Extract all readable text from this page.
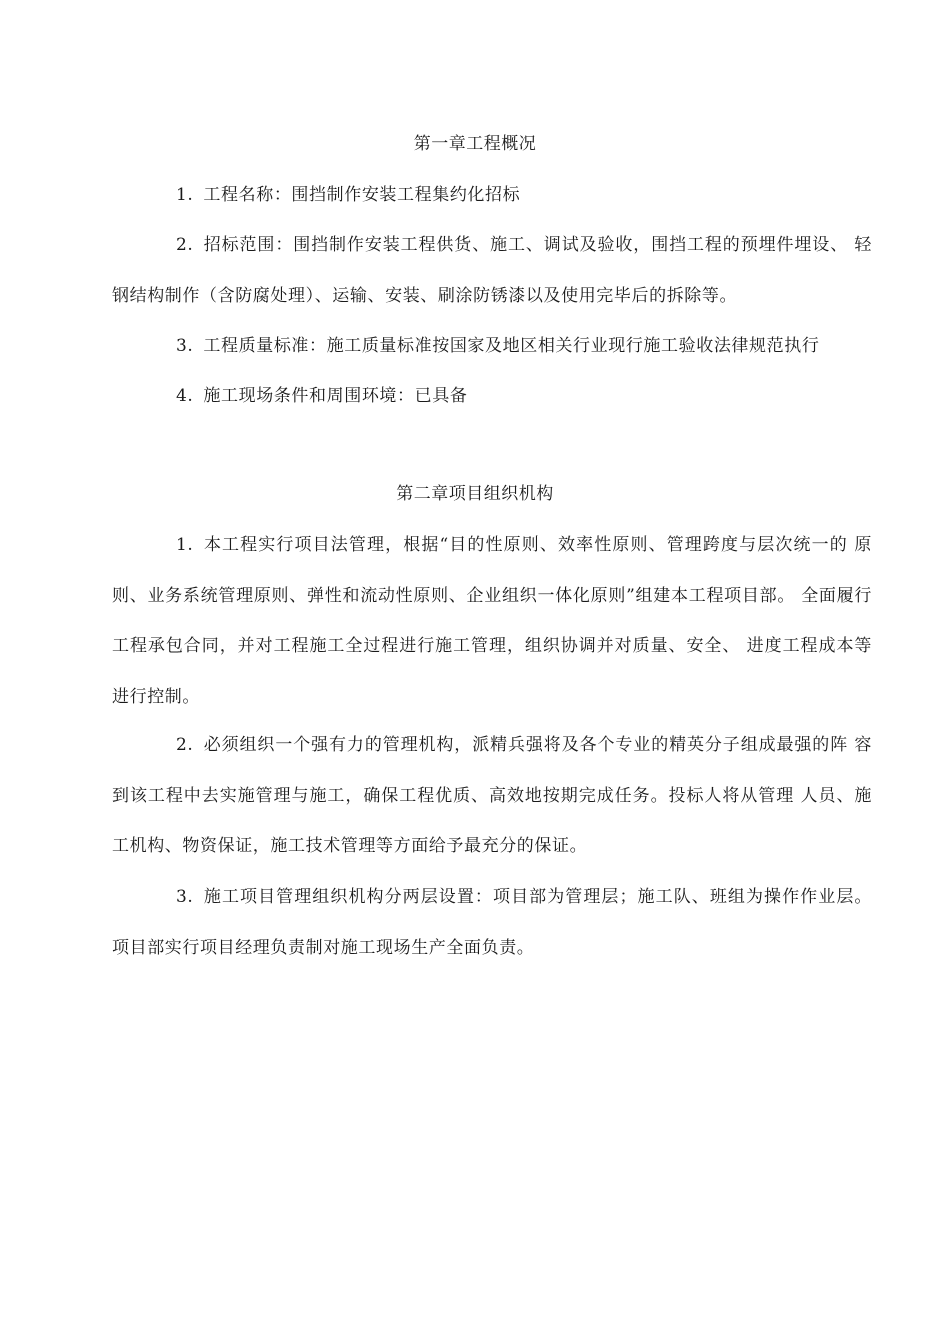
第一章工程概况

1. 工程名称：围挡制作安装工程集约化招标

2. 招标范围：围挡制作安装工程供货、施工、调试及验收，围挡工程的预埋件埋设、 轻钢结构制作（含防腐处理）、运输、安装、刷涂防锈漆以及使用完毕后的拆除等。

3. 工程质量标准：施工质量标准按国家及地区相关行业现行施工验收法律规范执行

4. 施工现场条件和周围环境：已具备

第二章项目组织机构

1. 本工程实行项目法管理，根据“目的性原则、效率性原则、管理跨度与层次统一的 原则、业务系统管理原则、弹性和流动性原则、企业组织一体化原则”组建本工程项目部。 全面履行工程承包合同，并对工程施工全过程进行施工管理，组织协调并对质量、安全、 进度工程成本等进行控制。

2. 必须组织一个强有力的管理机构，派精兵强将及各个专业的精英分子组成最强的阵 容到该工程中去实施管理与施工，确保工程优质、高效地按期完成任务。投标人将从管理 人员、施工机构、物资保证，施工技术管理等方面给予最充分的保证。

3. 施工项目管理组织机构分两层设置：项目部为管理层；施工队、班组为操作作业层。 项目部实行项目经理负责制对施工现场生产全面负责。
